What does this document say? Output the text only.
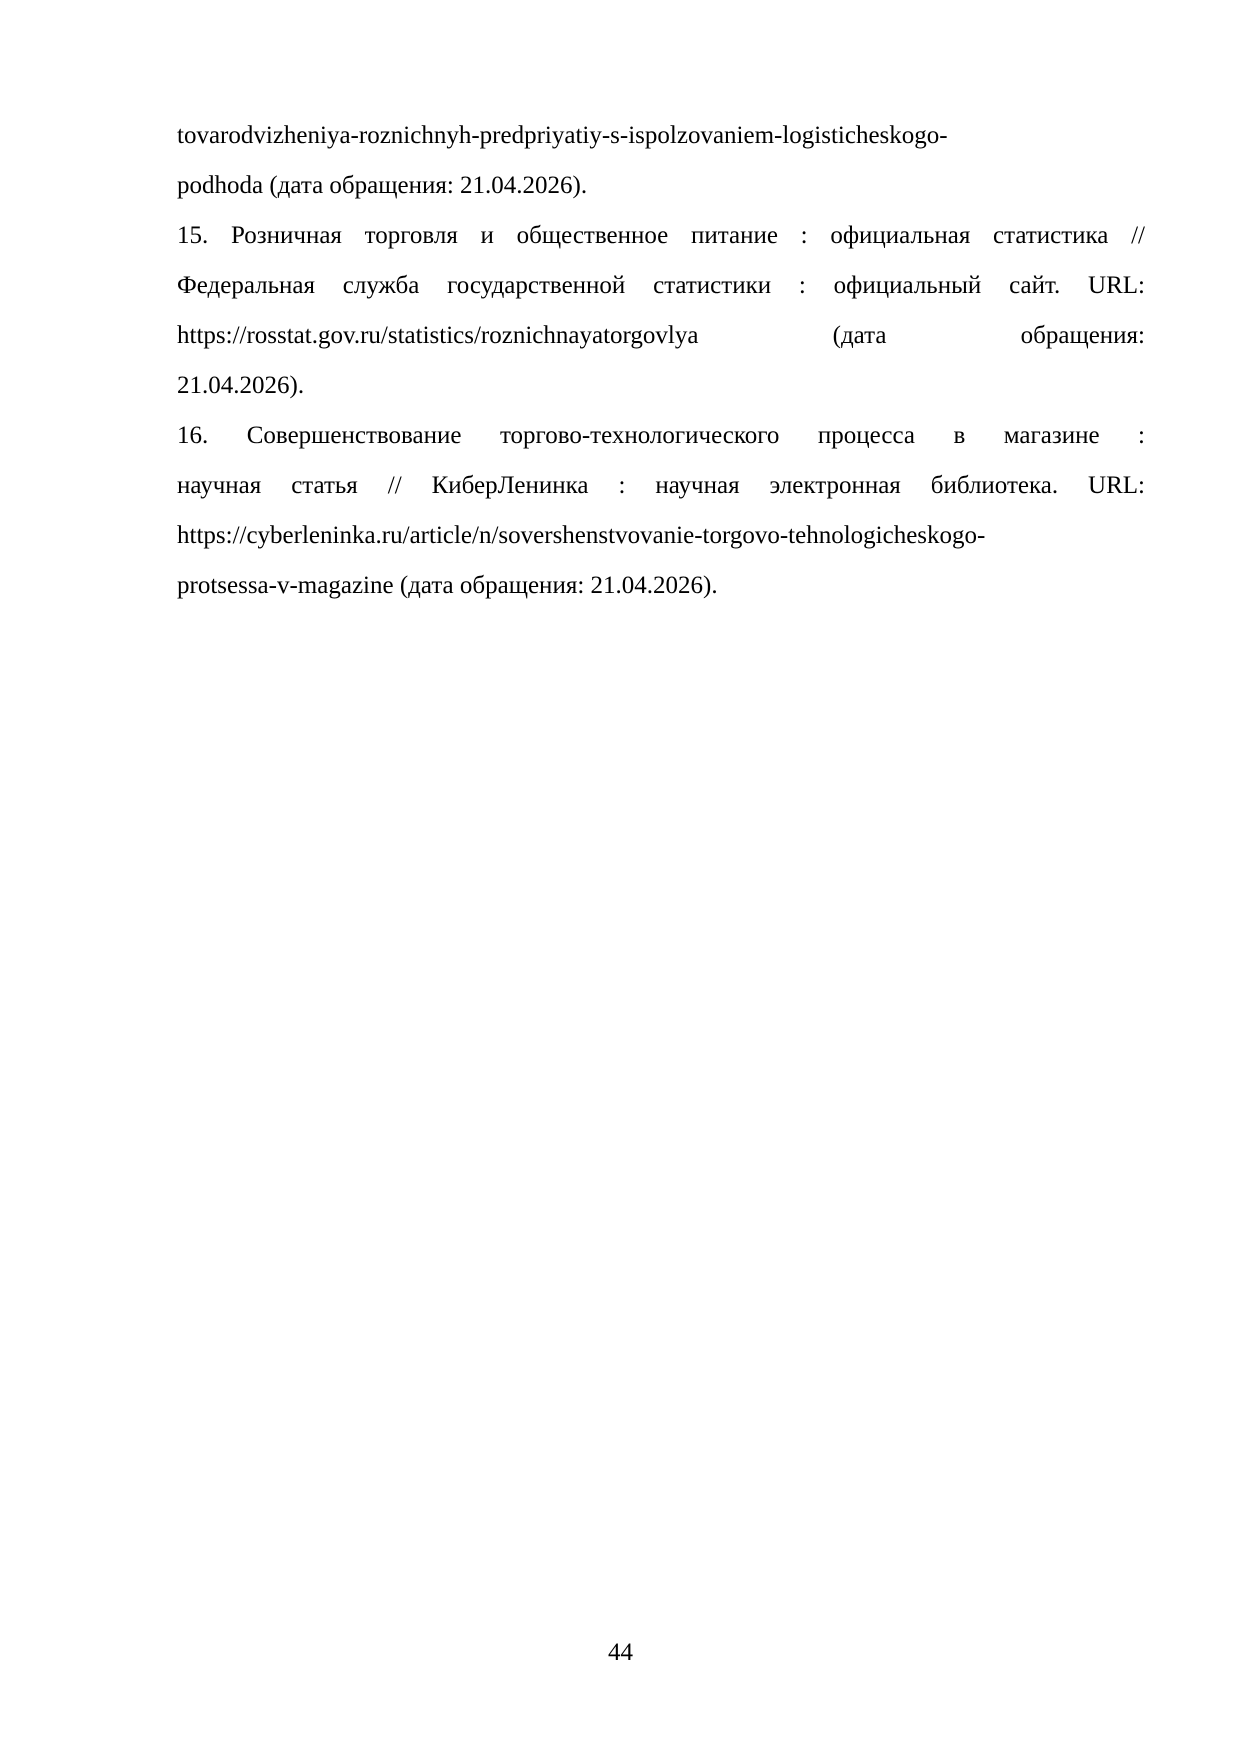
tovarodvizheniya-roznichnyh-predpriyatiy-s-ispolzovaniem-logisticheskogo-
podhoda (дата обращения: 21.04.2026).
15. Розничная торговля и общественное питание : официальная статистика //
Федеральная служба государственной статистики : официальный сайт. URL:
https://rosstat.gov.ru/statistics/roznichnayatorgovlya (дата обращения:
21.04.2026).
16. Совершенствование торгово-технологического процесса в магазине :
научная статья // КиберЛенинка : научная электронная библиотека. URL:
https://cyberleninka.ru/article/n/sovershenstvovanie-torgovo-tehnologicheskogo-
protsessa-v-magazine (дата обращения: 21.04.2026).
44
